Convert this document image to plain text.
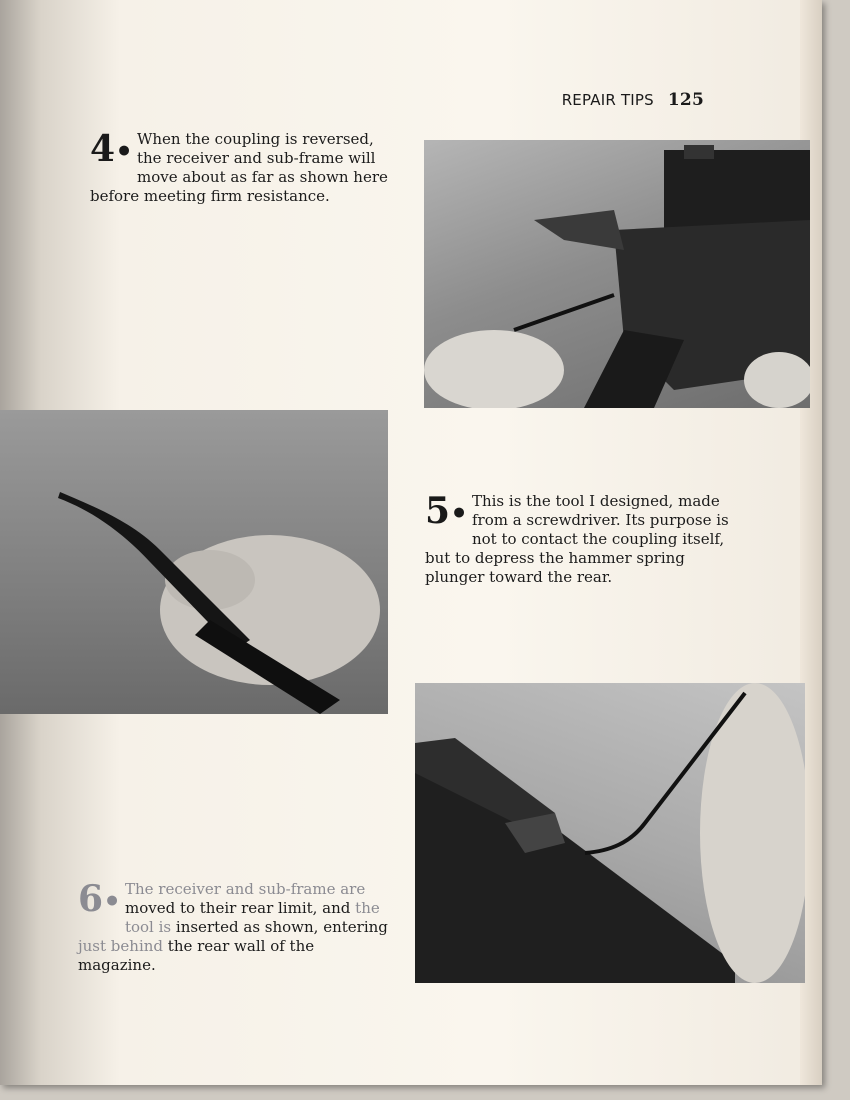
REPAIR TIPS 125
4• When the coupling is reversed, the receiver and sub-frame will move about as far as shown here before meeting firm resistance.

5• This is the tool I designed, made from a screwdriver. Its purpose is not to contact the coupling itself, but to depress the hammer spring plunger toward the rear.

6• The receiver and sub-frame are moved to their rear limit, and the tool is inserted as shown, entering just behind the rear wall of the magazine.
